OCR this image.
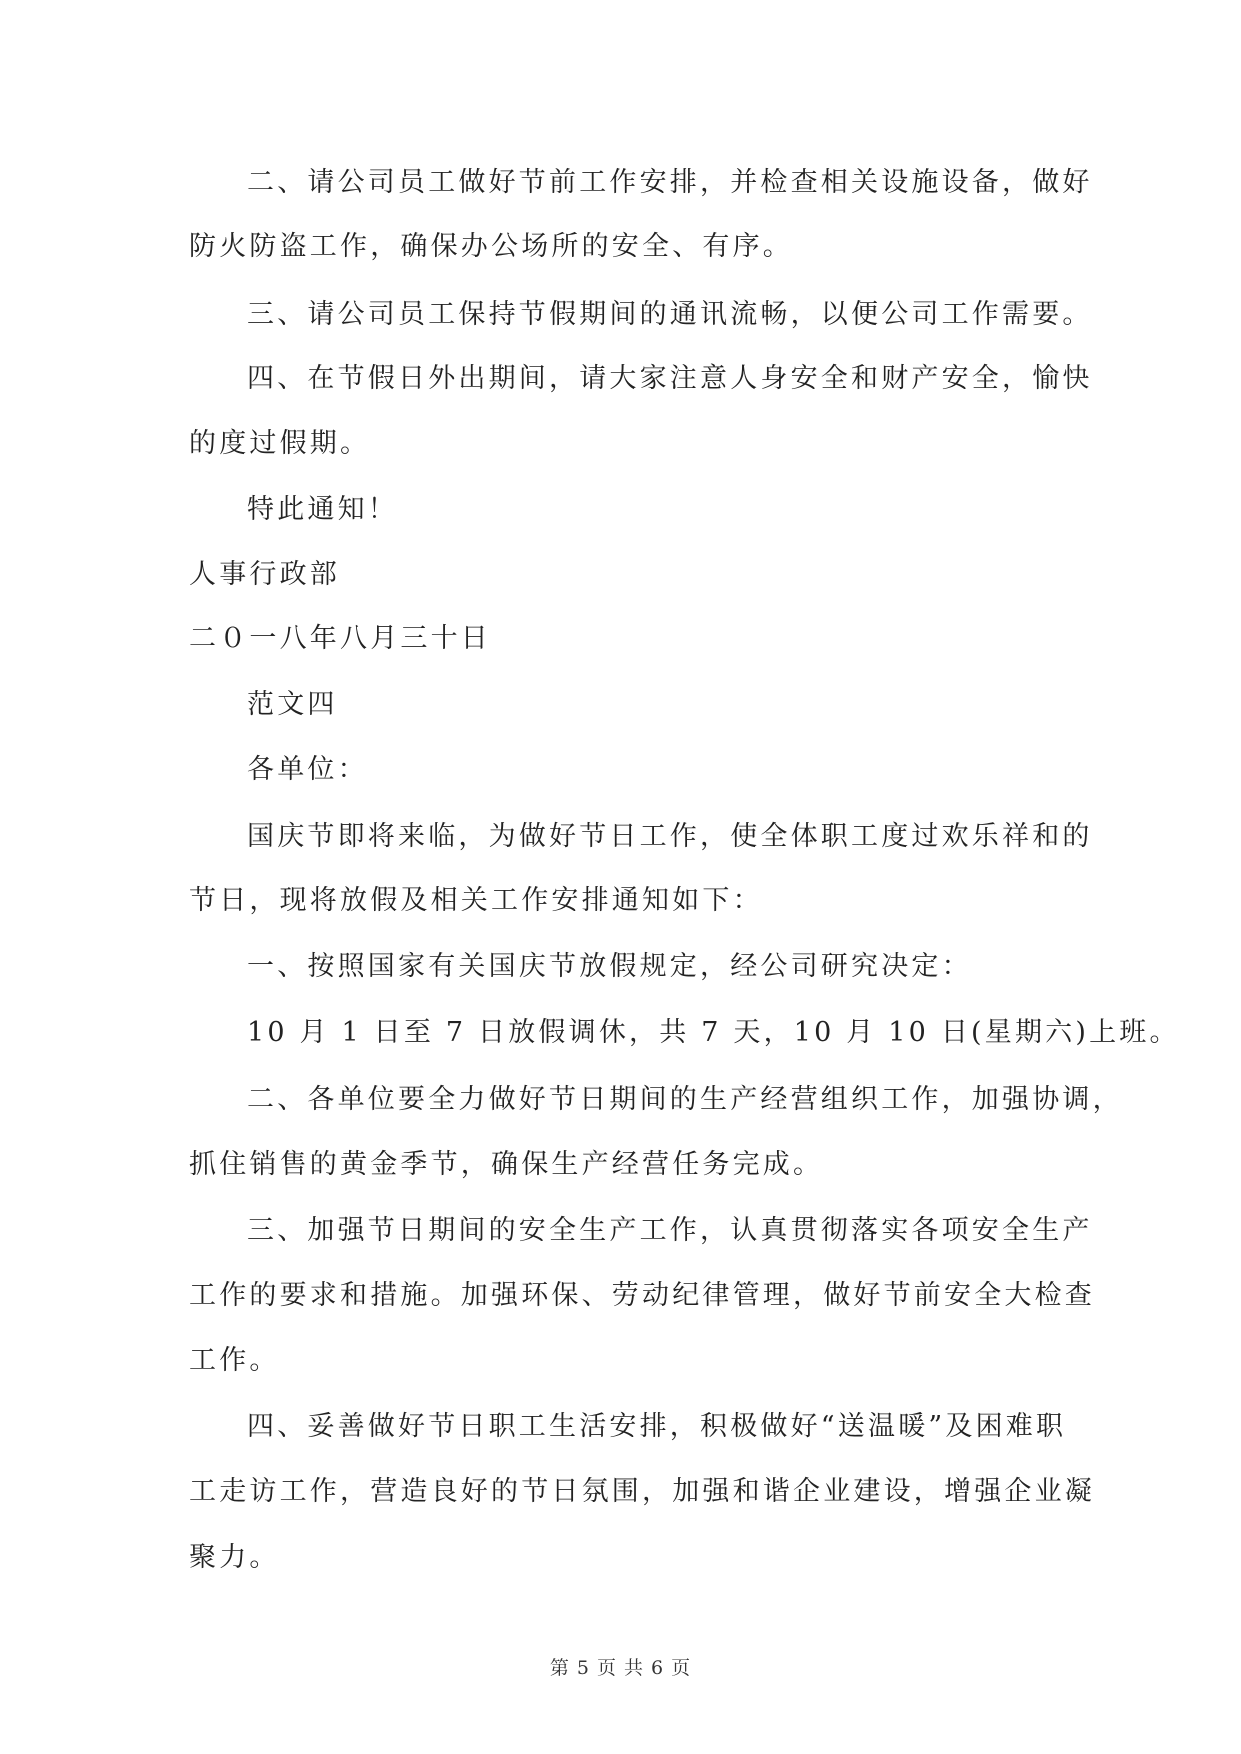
二、请公司员工做好节前工作安排，并检查相关设施设备，做好
防火防盗工作，确保办公场所的安全、有序。
三、请公司员工保持节假期间的通讯流畅，以便公司工作需要。
四、在节假日外出期间，请大家注意人身安全和财产安全，愉快
的度过假期。
特此通知！
人事行政部
二０一八年八月三十日
范文四
各单位：
国庆节即将来临，为做好节日工作，使全体职工度过欢乐祥和的
节日，现将放假及相关工作安排通知如下：
一、按照国家有关国庆节放假规定，经公司研究决定：
10 月 1 日至 7 日放假调休，共 7 天，10 月 10 日(星期六)上班。
二、各单位要全力做好节日期间的生产经营组织工作，加强协调，
抓住销售的黄金季节，确保生产经营任务完成。
三、加强节日期间的安全生产工作，认真贯彻落实各项安全生产
工作的要求和措施。加强环保、劳动纪律管理，做好节前安全大检查
工作。
四、妥善做好节日职工生活安排，积极做好“送温暖”及困难职
工走访工作，营造良好的节日氛围，加强和谐企业建设，增强企业凝
聚力。
第 5 页 共 6 页
